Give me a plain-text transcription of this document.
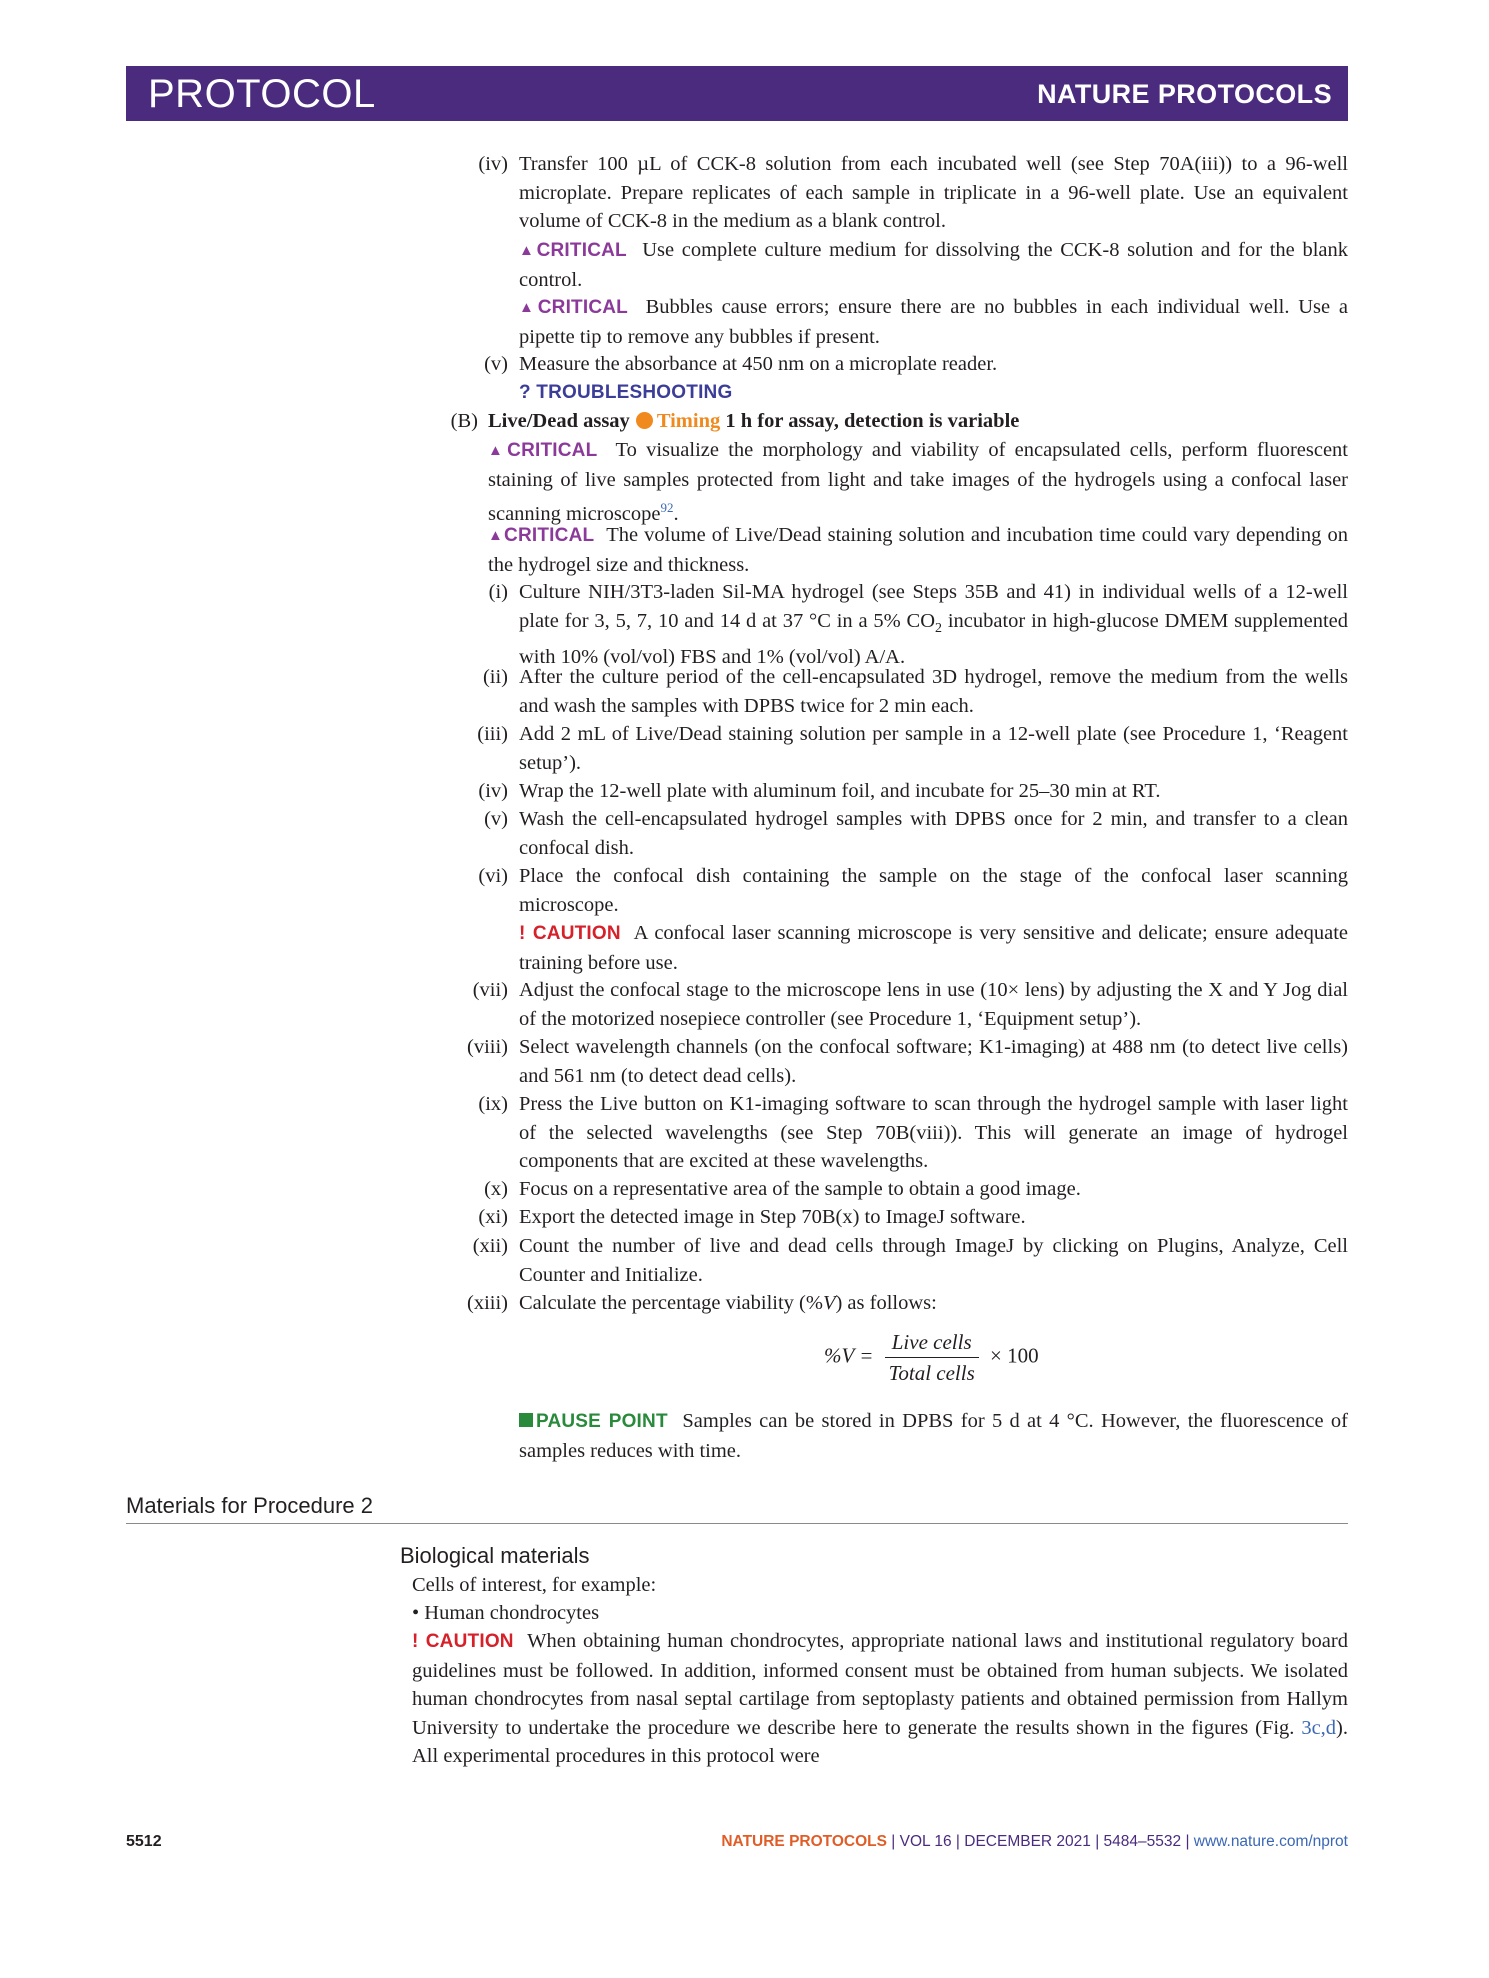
PROTOCOL	NATURE PROTOCOLS
(iv) Transfer 100 µL of CCK-8 solution from each incubated well (see Step 70A(iii)) to a 96-well microplate. Prepare replicates of each sample in triplicate in a 96-well plate. Use an equivalent volume of CCK-8 in the medium as a blank control.
▲CRITICAL Use complete culture medium for dissolving the CCK-8 solution and for the blank control.
▲CRITICAL Bubbles cause errors; ensure there are no bubbles in each individual well. Use a pipette tip to remove any bubbles if present.
(v) Measure the absorbance at 450 nm on a microplate reader.
? TROUBLESHOOTING
(B) Live/Dead assay Timing 1 h for assay, detection is variable
▲CRITICAL To visualize the morphology and viability of encapsulated cells, perform fluorescent staining of live samples protected from light and take images of the hydrogels using a confocal laser scanning microscope$^{92}$.
▲CRITICAL The volume of Live/Dead staining solution and incubation time could vary depending on the hydrogel size and thickness.
(i) Culture NIH/3T3-laden Sil-MA hydrogel (see Steps 35B and 41) in individual wells of a 12-well plate for 3, 5, 7, 10 and 14 d at 37 °C in a 5% $CO_2$ incubator in high-glucose DMEM supplemented with 10% (vol/vol) FBS and 1% (vol/vol) A/A.
(ii) After the culture period of the cell-encapsulated 3D hydrogel, remove the medium from the wells and wash the samples with DPBS twice for 2 min each.
(iii) Add 2 mL of Live/Dead staining solution per sample in a 12-well plate (see Procedure 1, ‘Reagent setup’).
(iv) Wrap the 12-well plate with aluminum foil, and incubate for 25–30 min at RT.
(v) Wash the cell-encapsulated hydrogel samples with DPBS once for 2 min, and transfer to a clean confocal dish.
(vi) Place the confocal dish containing the sample on the stage of the confocal laser scanning microscope.
! CAUTION A confocal laser scanning microscope is very sensitive and delicate; ensure adequate training before use.
(vii) Adjust the confocal stage to the microscope lens in use (10× lens) by adjusting the X and Y Jog dial of the motorized nosepiece controller (see Procedure 1, ‘Equipment setup’).
(viii) Select wavelength channels (on the confocal software; K1-imaging) at 488 nm (to detect live cells) and 561 nm (to detect dead cells).
(ix) Press the Live button on K1-imaging software to scan through the hydrogel sample with laser light of the selected wavelengths (see Step 70B(viii)). This will generate an image of hydrogel components that are excited at these wavelengths.
(x) Focus on a representative area of the sample to obtain a good image.
(xi) Export the detected image in Step 70B(x) to ImageJ software.
(xii) Count the number of live and dead cells through ImageJ by clicking on Plugins, Analyze, Cell Counter and Initialize.
(xiii) Calculate the percentage viability (%V) as follows:
$\%V = \frac{\text{Live cells}}{\text{Total cells}} \times 100$
PAUSE POINT Samples can be stored in DPBS for 5 d at 4 °C. However, the fluorescence of samples reduces with time.
Materials for Procedure 2
Biological materials
Cells of interest, for example:
• Human chondrocytes
! CAUTION When obtaining human chondrocytes, appropriate national laws and institutional regulatory board guidelines must be followed. In addition, informed consent must be obtained from human subjects. We isolated human chondrocytes from nasal septal cartilage from septoplasty patients and obtained permission from Hallym University to undertake the procedure we describe here to generate the results shown in the figures (Fig. 3c,d). All experimental procedures in this protocol were
5512	NATURE PROTOCOLS | VOL 16 | DECEMBER 2021 | 5484–5532 | www.nature.com/nprot
